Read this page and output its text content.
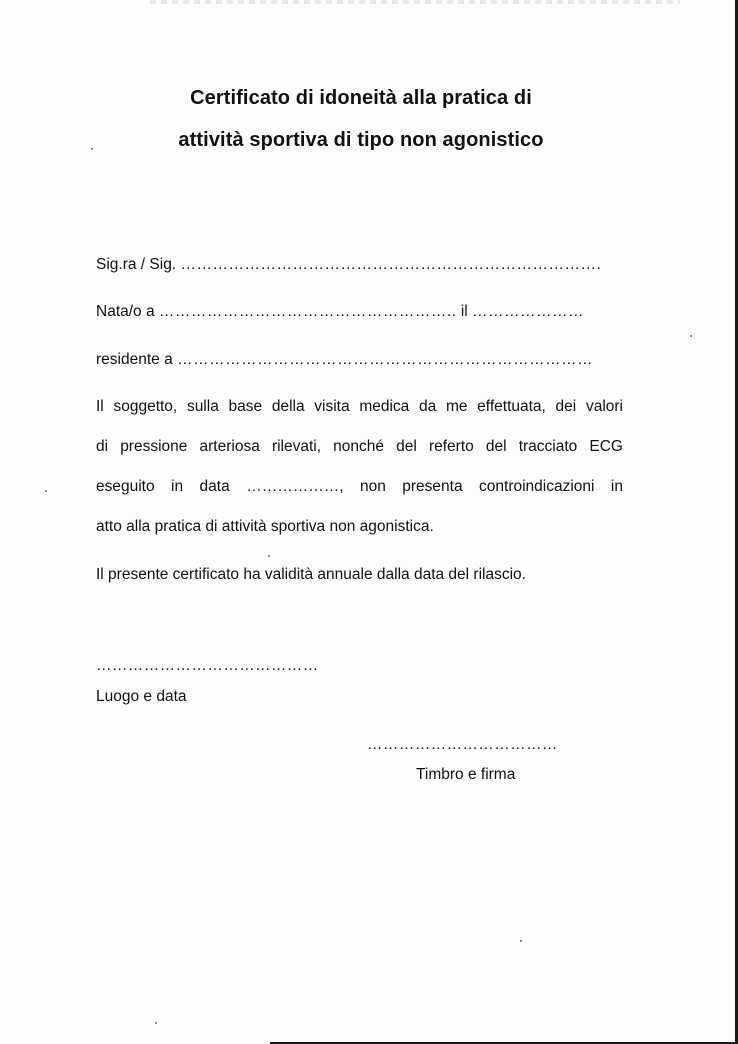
Certificato di idoneità alla pratica di
attività sportiva di tipo non agonistico
Sig.ra / Sig. …………………………………………………………………….
Nata/o a ……………………………………………….. il …………………
residente a ……………………………………………………………………
Il soggetto, sulla base della visita medica da me effettuata, dei valori
di pressione arteriosa rilevati, nonché del referto del tracciato ECG
eseguito in data ………………, non presenta controindicazioni in
atto alla pratica di attività sportiva non agonistica.
Il presente certificato ha validità annuale dalla data del rilascio.
……………………………………
Luogo e data
………………………………
Timbro e firma
